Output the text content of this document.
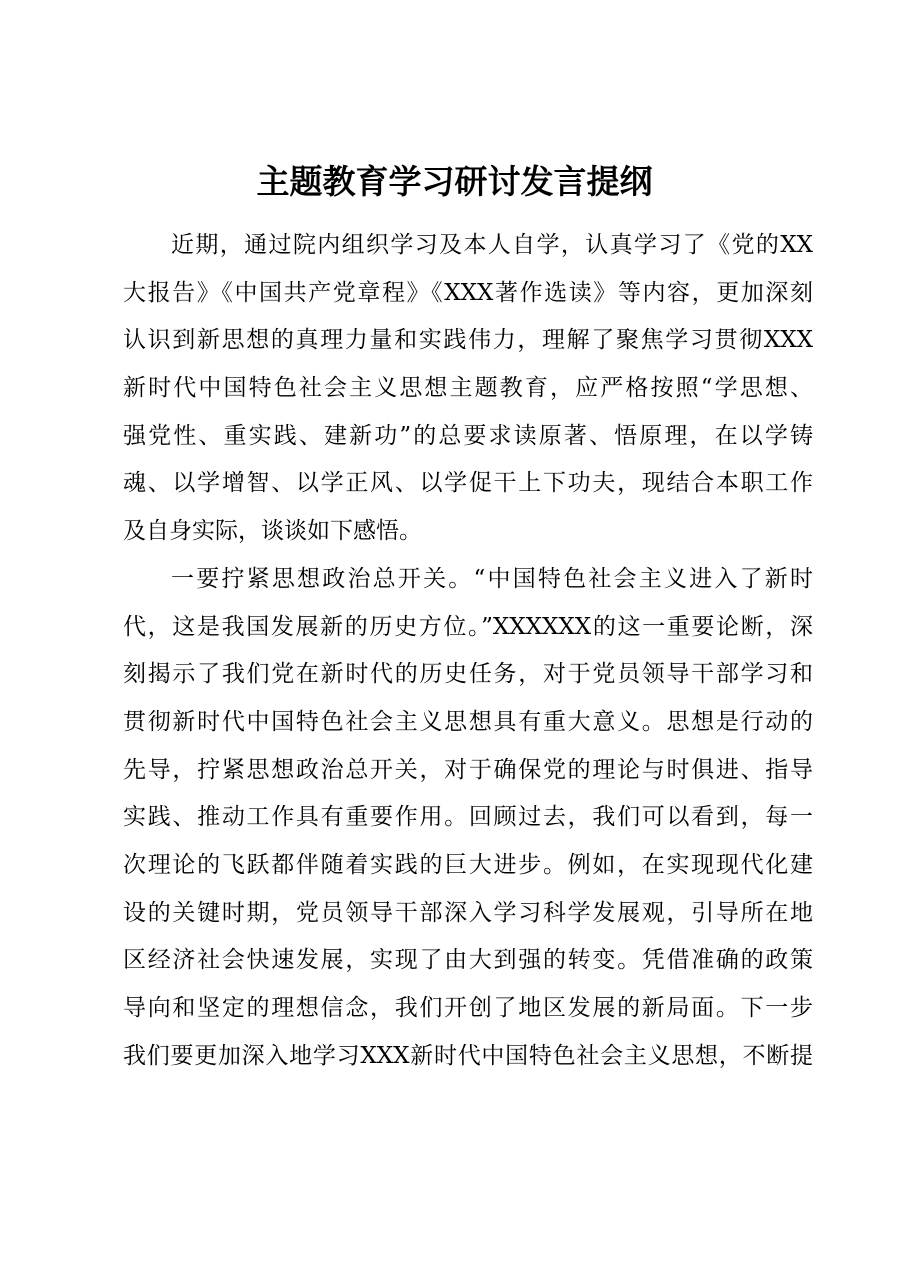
主题教育学习研讨发言提纲
近期，通过院内组织学习及本人自学，认真学习了《党的XX
大报告》《中国共产党章程》《XXX著作选读》等内容，更加深刻
认识到新思想的真理力量和实践伟力，理解了聚焦学习贯彻XXX
新时代中国特色社会主义思想主题教育，应严格按照“学思想、
强党性、重实践、建新功”的总要求读原著、悟原理，在以学铸
魂、以学增智、以学正风、以学促干上下功夫，现结合本职工作
及自身实际，谈谈如下感悟。
一要拧紧思想政治总开关。“中国特色社会主义进入了新时
代，这是我国发展新的历史方位。”XXXXXX的这一重要论断，深
刻揭示了我们党在新时代的历史任务，对于党员领导干部学习和
贯彻新时代中国特色社会主义思想具有重大意义。思想是行动的
先导，拧紧思想政治总开关，对于确保党的理论与时俱进、指导
实践、推动工作具有重要作用。回顾过去，我们可以看到，每一
次理论的飞跃都伴随着实践的巨大进步。例如，在实现现代化建
设的关键时期，党员领导干部深入学习科学发展观，引导所在地
区经济社会快速发展，实现了由大到强的转变。凭借准确的政策
导向和坚定的理想信念，我们开创了地区发展的新局面。下一步
我们要更加深入地学习XXX新时代中国特色社会主义思想，不断提
